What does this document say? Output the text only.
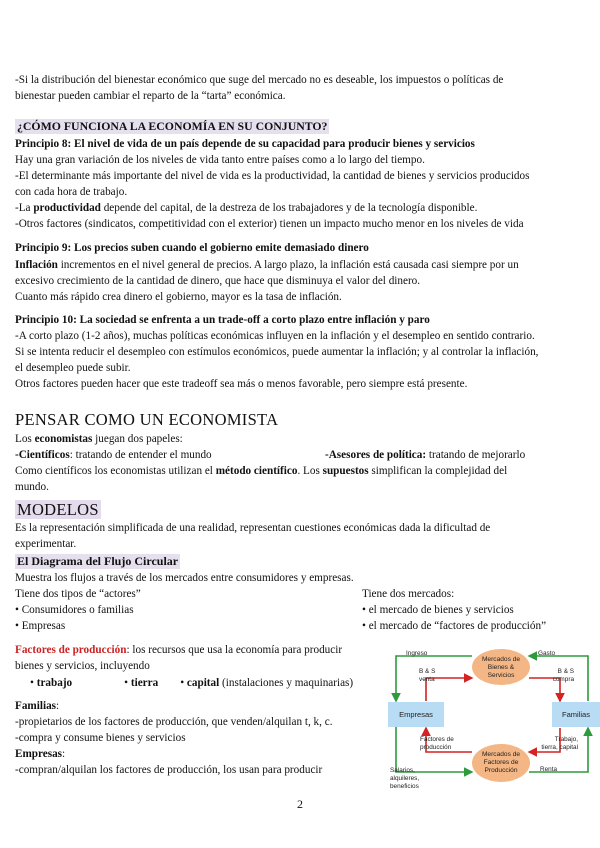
-Si la distribución del bienestar económico que suge del mercado no es deseable, los impuestos o políticas de
bienestar pueden cambiar el reparto de la “tarta” económica.
¿CÓMO FUNCIONA LA ECONOMÍA EN SU CONJUNTO?
Principio 8: El nivel de vida de un país depende de su capacidad para producir bienes y servicios
Hay una gran variación de los niveles de vida tanto entre países como a lo largo del tiempo.
-El determinante más importante del nivel de vida es la productividad, la cantidad de bienes y servicios producidos
con cada hora de trabajo.
-La productividad depende del capital, de la destreza de los trabajadores y de la tecnología disponible.
-Otros factores (sindicatos, competitividad con el exterior) tienen un impacto mucho menor en los niveles de vida
Principio 9: Los precios suben cuando el gobierno emite demasiado dinero
Inflación incrementos en el nivel general de precios. A largo plazo, la inflación está causada casi siempre por un
excesivo crecimiento de la cantidad de dinero, que hace que disminuya el valor del dinero.
Cuanto más rápido crea dinero el gobierno, mayor es la tasa de inflación.
Principio 10: La sociedad se enfrenta a un trade-off a corto plazo entre inflación y paro
-A corto plazo (1-2 años), muchas políticas económicas influyen en la inflación y el desempleo en sentido contrario.
Si se intenta reducir el desempleo con estímulos económicos, puede aumentar la inflación; y al controlar la inflación,
el desempleo puede subir.
Otros factores pueden hacer que este tradeoff sea más o menos favorable, pero siempre está presente.
PENSAR COMO UN ECONOMISTA
Los economistas juegan dos papeles:
-Científicos: tratando de entender el mundo	-Asesores de política: tratando de mejorarlo
Como científicos los economistas utilizan el método científico. Los supuestos simplifican la complejidad del
mundo.
MODELOS
Es la representación simplificada de una realidad, representan cuestiones económicas dada la dificultad de
experimentar.
El Diagrama del Flujo Circular
Muestra los flujos a través de los mercados entre consumidores y empresas.
Tiene dos tipos de “actores”
• Consumidores o familias
• Empresas
Tiene dos mercados:
• el mercado de bienes y servicios
• el mercado de “factores de producción”
Factores de producción: los recursos que usa la economía para producir
bienes y servicios, incluyendo
• trabajo	• tierra • capital (instalaciones y maquinarias)
Familias:
-propietarios de los factores de producción, que venden/alquilan t, k, c.
-compra y consume bienes y servicios
Empresas:
-compran/alquilan los factores de producción, los usan para producir
Mercados de Bienes & Servicios
Mercados de Factores de Producción
Empresas	Familias
Ingreso	Gasto
B & S venta
B & S compra
Factores de producción
Trabajo, tierra, capital
Salarios, alquileres, beneficios
Renta
2
